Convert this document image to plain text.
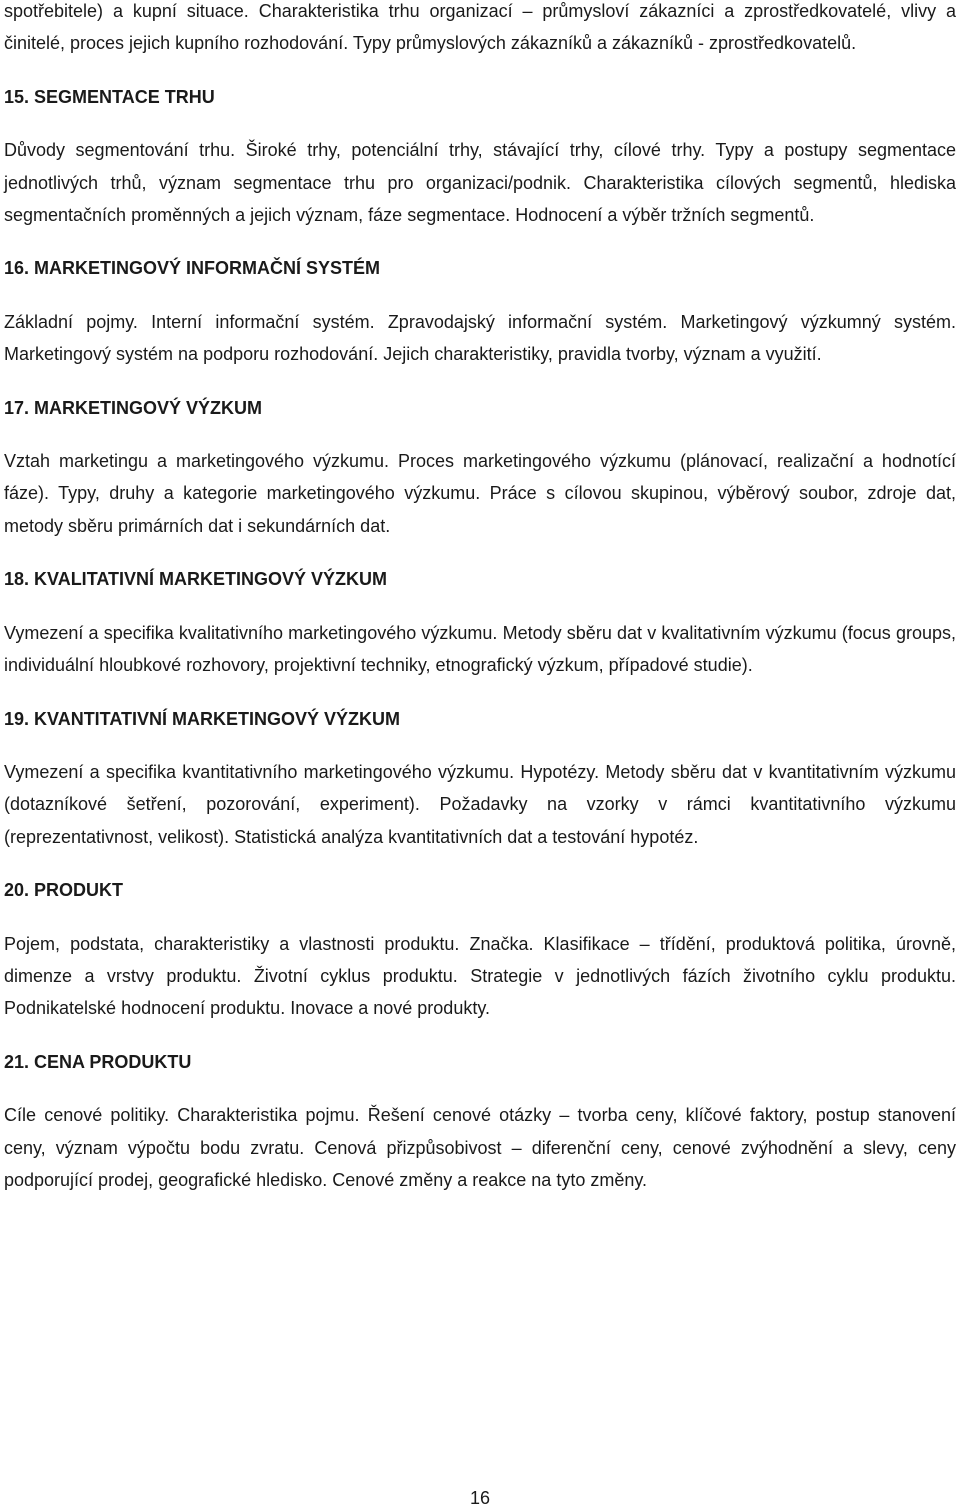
spotřebitele) a kupní situace. Charakteristika trhu organizací – průmysloví zákazníci a zprostředkovatelé, vlivy a činitelé, proces jejich kupního rozhodování. Typy průmyslových zákazníků a zákazníků - zprostředkovatelů.

15. SEGMENTACE TRHU

Důvody segmentování trhu. Široké trhy, potenciální trhy, stávající trhy, cílové trhy. Typy a postupy segmentace jednotlivých trhů, význam segmentace trhu pro organizaci/podnik. Charakteristika cílových segmentů, hlediska segmentačních proměnných a jejich význam, fáze segmentace. Hodnocení a výběr tržních segmentů.

16. MARKETINGOVÝ INFORMAČNÍ SYSTÉM

Základní pojmy. Interní informační systém. Zpravodajský informační systém. Marketingový výzkumný systém. Marketingový systém na podporu rozhodování. Jejich charakteristiky, pravidla tvorby, význam a využití.

17. MARKETINGOVÝ VÝZKUM

Vztah marketingu a marketingového výzkumu. Proces marketingového výzkumu (plánovací, realizační a hodnotící fáze). Typy, druhy a kategorie marketingového výzkumu. Práce s cílovou skupinou, výběrový soubor, zdroje dat, metody sběru primárních dat i sekundárních dat.

18. KVALITATIVNÍ MARKETINGOVÝ VÝZKUM

Vymezení a specifika kvalitativního marketingového výzkumu. Metody sběru dat v kvalitativním výzkumu (focus groups, individuální hloubkové rozhovory, projektivní techniky, etnografický výzkum, případové studie).

19. KVANTITATIVNÍ MARKETINGOVÝ VÝZKUM

Vymezení a specifika kvantitativního marketingového výzkumu. Hypotézy. Metody sběru dat v kvantitativním výzkumu (dotazníkové šetření, pozorování, experiment). Požadavky na vzorky v rámci kvantitativního výzkumu (reprezentativnost, velikost). Statistická analýza kvantitativních dat a testování hypotéz.

20. PRODUKT

Pojem, podstata, charakteristiky a vlastnosti produktu. Značka. Klasifikace – třídění, produktová politika, úrovně, dimenze a vrstvy produktu. Životní cyklus produktu. Strategie v jednotlivých fázích životního cyklu produktu. Podnikatelské hodnocení produktu. Inovace a nové produkty.

21. CENA PRODUKTU

Cíle cenové politiky. Charakteristika pojmu. Řešení cenové otázky – tvorba ceny, klíčové faktory, postup stanovení ceny, význam výpočtu bodu zvratu. Cenová přizpůsobivost – diferenční ceny, cenové zvýhodnění a slevy, ceny podporující prodej, geografické hledisko. Cenové změny a reakce na tyto změny.

16
